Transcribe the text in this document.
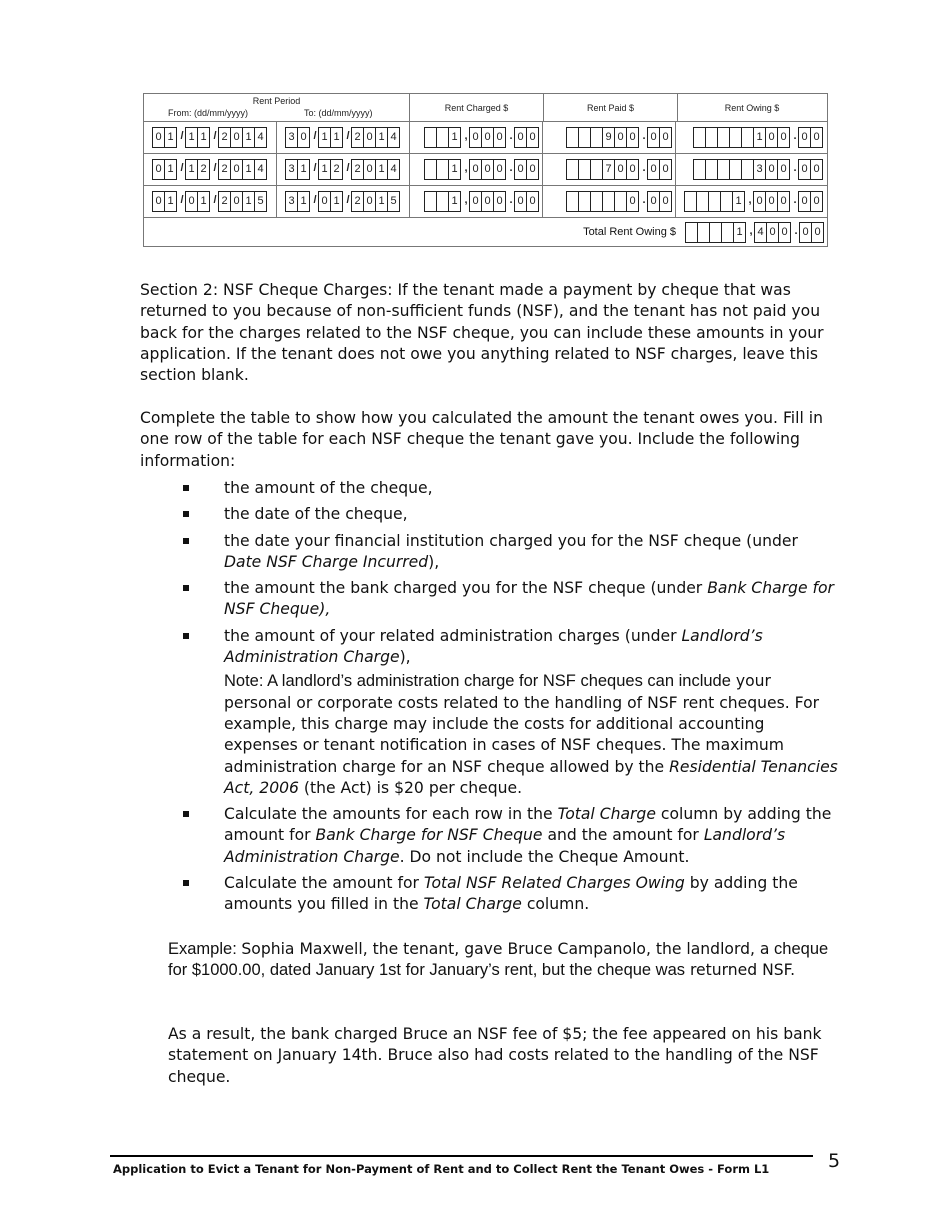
Rent Period
From: (dd/mm/yyyy)	To: (dd/mm/yyyy)
Rent Charged $	Rent Paid $	Rent Owing $
0 1 / 1 1 / 2 0 1 4	3 0 / 1 1 / 2 0 1 4	1 , 0 0 0 . 0 0	9 0 0 . 0 0	1 0 0 . 0 0
0 1 / 1 2 / 2 0 1 4	3 1 / 1 2 / 2 0 1 4	1 , 0 0 0 . 0 0	7 0 0 . 0 0	3 0 0 . 0 0
0 1 / 0 1 / 2 0 1 5	3 1 / 0 1 / 2 0 1 5	1 , 0 0 0 . 0 0	0 . 0 0	1 , 0 0 0 . 0 0
Total Rent Owing $	1 , 4 0 0 . 0 0
Section 2: NSF Cheque Charges: If the tenant made a payment by cheque that was returned to you because of non-sufficient funds (NSF), and the tenant has not paid you back for the charges related to the NSF cheque, you can include these amounts in your application. If the tenant does not owe you anything related to NSF charges, leave this section blank.
Complete the table to show how you calculated the amount the tenant owes you. Fill in one row of the table for each NSF cheque the tenant gave you. Include the following information:
the amount of the cheque,
the date of the cheque,
the date your financial institution charged you for the NSF cheque (under Date NSF Charge Incurred),
the amount the bank charged you for the NSF cheque (under Bank Charge for NSF Cheque),
the amount of your related administration charges (under Landlord’s Administration Charge),
Note: A landlord’s administration charge for NSF cheques can include your personal or corporate costs related to the handling of NSF rent cheques. For example, this charge may include the costs for additional accounting expenses or tenant notification in cases of NSF cheques. The maximum administration charge for an NSF cheque allowed by the Residential Tenancies Act, 2006 (the Act) is $20 per cheque.
Calculate the amounts for each row in the Total Charge column by adding the amount for Bank Charge for NSF Cheque and the amount for Landlord’s Administration Charge. Do not include the Cheque Amount.
Calculate the amount for Total NSF Related Charges Owing by adding the amounts you filled in the Total Charge column.
Example: Sophia Maxwell, the tenant, gave Bruce Campanolo, the landlord, a cheque for $1000.00, dated January 1st for January’s rent, but the cheque was returned NSF.
As a result, the bank charged Bruce an NSF fee of $5; the fee appeared on his bank statement on January 14th. Bruce also had costs related to the handling of the NSF cheque.
Application to Evict a Tenant for Non-Payment of Rent and to Collect Rent the Tenant Owes - Form L1	5
